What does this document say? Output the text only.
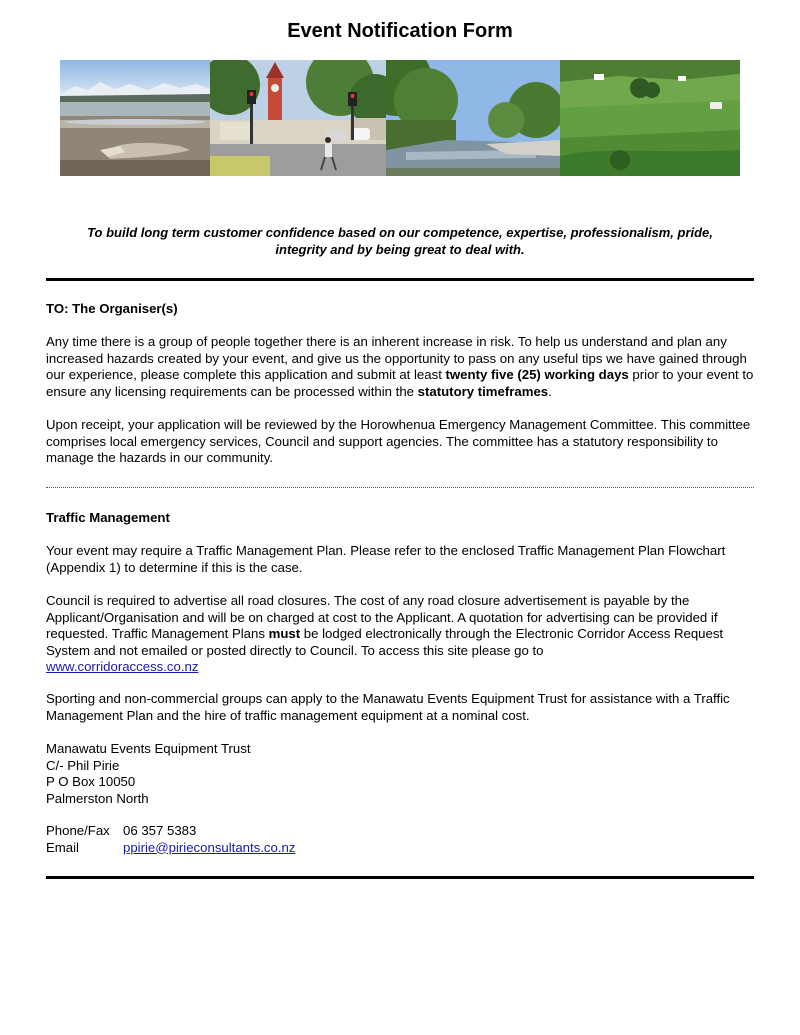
Event Notification Form
To build long term customer confidence based on our competence, expertise, professionalism, pride,
integrity and by being great to deal with.
TO: The Organiser(s)
Any time there is a group of people together there is an inherent increase in risk. To help us understand and plan any increased hazards created by your event, and give us the opportunity to pass on any useful tips we have gained through our experience, please complete this application and submit at least twenty five (25) working days prior to your event to ensure any licensing requirements can be processed within the statutory timeframes.
Upon receipt, your application will be reviewed by the Horowhenua Emergency Management Committee. This committee comprises local emergency services, Council and support agencies. The committee has a statutory responsibility to manage the hazards in our community.
Traffic Management
Your event may require a Traffic Management Plan. Please refer to the enclosed Traffic Management Plan Flowchart (Appendix 1) to determine if this is the case.
Council is required to advertise all road closures. The cost of any road closure advertisement is payable by the Applicant/Organisation and will be on charged at cost to the Applicant. A quotation for advertising can be provided if requested. Traffic Management Plans must be lodged electronically through the Electronic Corridor Access Request System and not emailed or posted directly to Council. To access this site please go to
www.corridoraccess.co.nz
Sporting and non-commercial groups can apply to the Manawatu Events Equipment Trust for assistance with a Traffic Management Plan and the hire of traffic management equipment at a nominal cost.
Manawatu Events Equipment Trust
C/- Phil Pirie
P O Box 10050
Palmerston North
Phone/Fax 06 357 5383
Email	ppirie@pirieconsultants.co.nz
